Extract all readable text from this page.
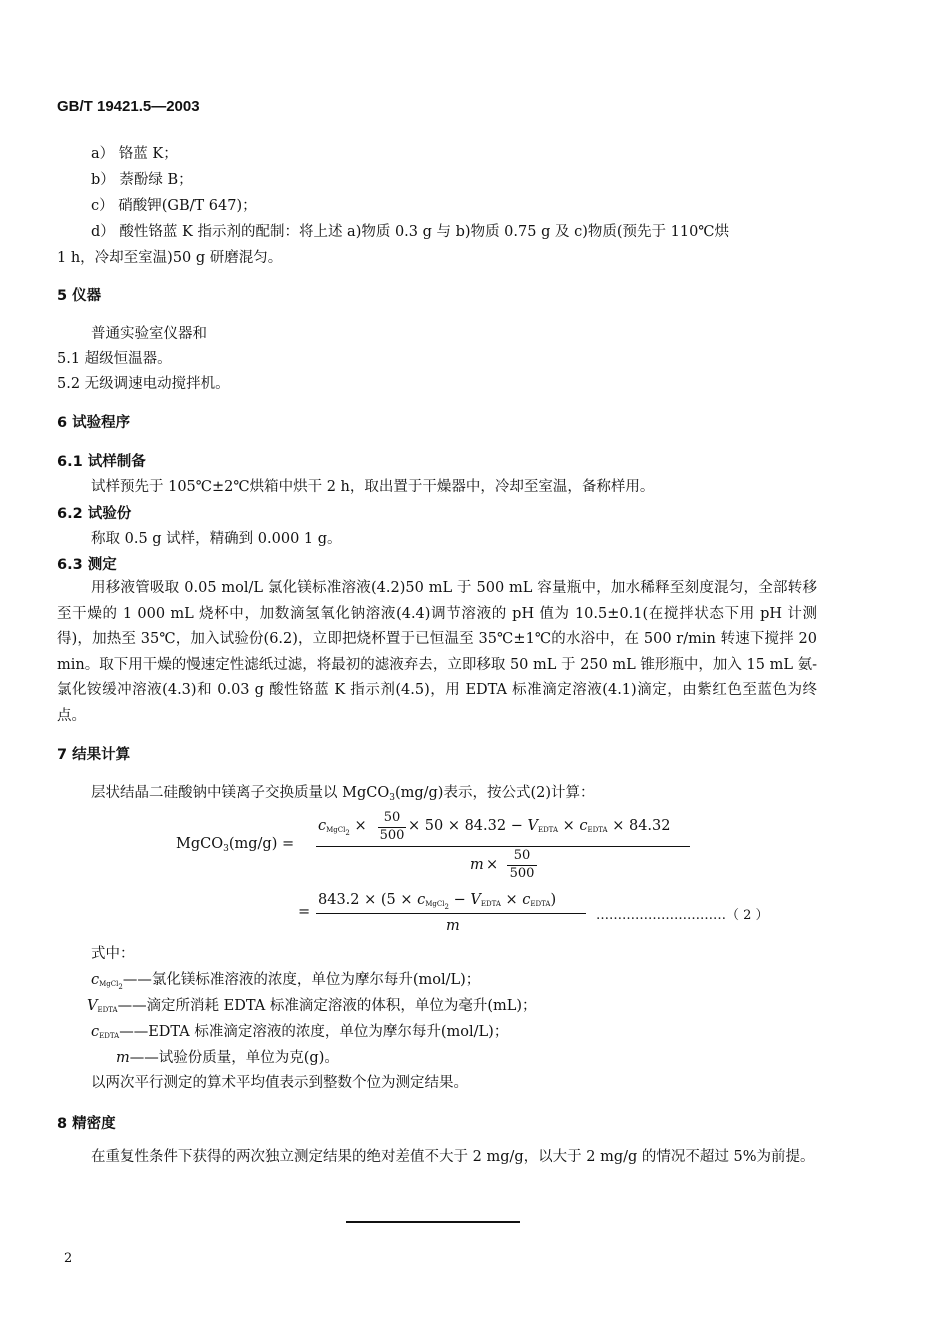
GB/T 19421.5—2003
a） 铬蓝 K；
b） 萘酚绿 B；
c） 硝酸钾(GB/T 647)；
d） 酸性铬蓝 K 指示剂的配制：将上述 a)物质 0.3 g 与 b)物质 0.75 g 及 c)物质(预先于 110℃烘
1 h，冷却至室温)50 g 研磨混匀。
5 仪器
普通实验室仪器和
5.1 超级恒温器。
5.2 无级调速电动搅拌机。
6 试验程序
6.1 试样制备
试样预先于 105℃±2℃烘箱中烘干 2 h，取出置于干燥器中，冷却至室温，备称样用。
6.2 试验份
称取 0.5 g 试样，精确到 0.000 1 g。
6.3 测定
用移液管吸取 0.05 mol/L 氯化镁标准溶液(4.2)50 mL 于 500 mL 容量瓶中，加水稀释至刻度混匀，全部转移至干燥的 1 000 mL 烧杯中，加数滴氢氧化钠溶液(4.4)调节溶液的 pH 值为 10.5±0.1(在搅拌状态下用 pH 计测得)，加热至 35℃，加入试验份(6.2)，立即把烧杯置于已恒温至 35℃±1℃的水浴中，在 500 r/min 转速下搅拌 20 min。取下用干燥的慢速定性滤纸过滤，将最初的滤液弃去，立即移取 50 mL 于 250 mL 锥形瓶中，加入 15 mL 氨-氯化铵缓冲溶液(4.3)和 0.03 g 酸性铬蓝 K 指示剂(4.5)，用 EDTA 标准滴定溶液(4.1)滴定，由紫红色至蓝色为终点。
7 结果计算
层状结晶二硅酸钠中镁离子交换质量以 MgCO$_3$(mg/g)表示，按公式(2)计算：
MgCO$_3$(mg/g) =
cMgCl$_2$ ×
50
500
× 50 × 84.32 − VEDTA × cEDTA × 84.32
m ×
50
500
=
843.2 × (5 × cMgCl$_2$ − VEDTA × cEDTA)
m
…………………………（ 2 ）
式中：
cMgCl$_2$——氯化镁标准溶液的浓度，单位为摩尔每升(mol/L)；
VEDTA——滴定所消耗 EDTA 标准滴定溶液的体积，单位为毫升(mL)；
cEDTA——EDTA 标准滴定溶液的浓度，单位为摩尔每升(mol/L)；
m——试验份质量，单位为克(g)。
以两次平行测定的算术平均值表示到整数个位为测定结果。
8 精密度
在重复性条件下获得的两次独立测定结果的绝对差值不大于 2 mg/g，以大于 2 mg/g 的情况不超过 5%为前提。
2
